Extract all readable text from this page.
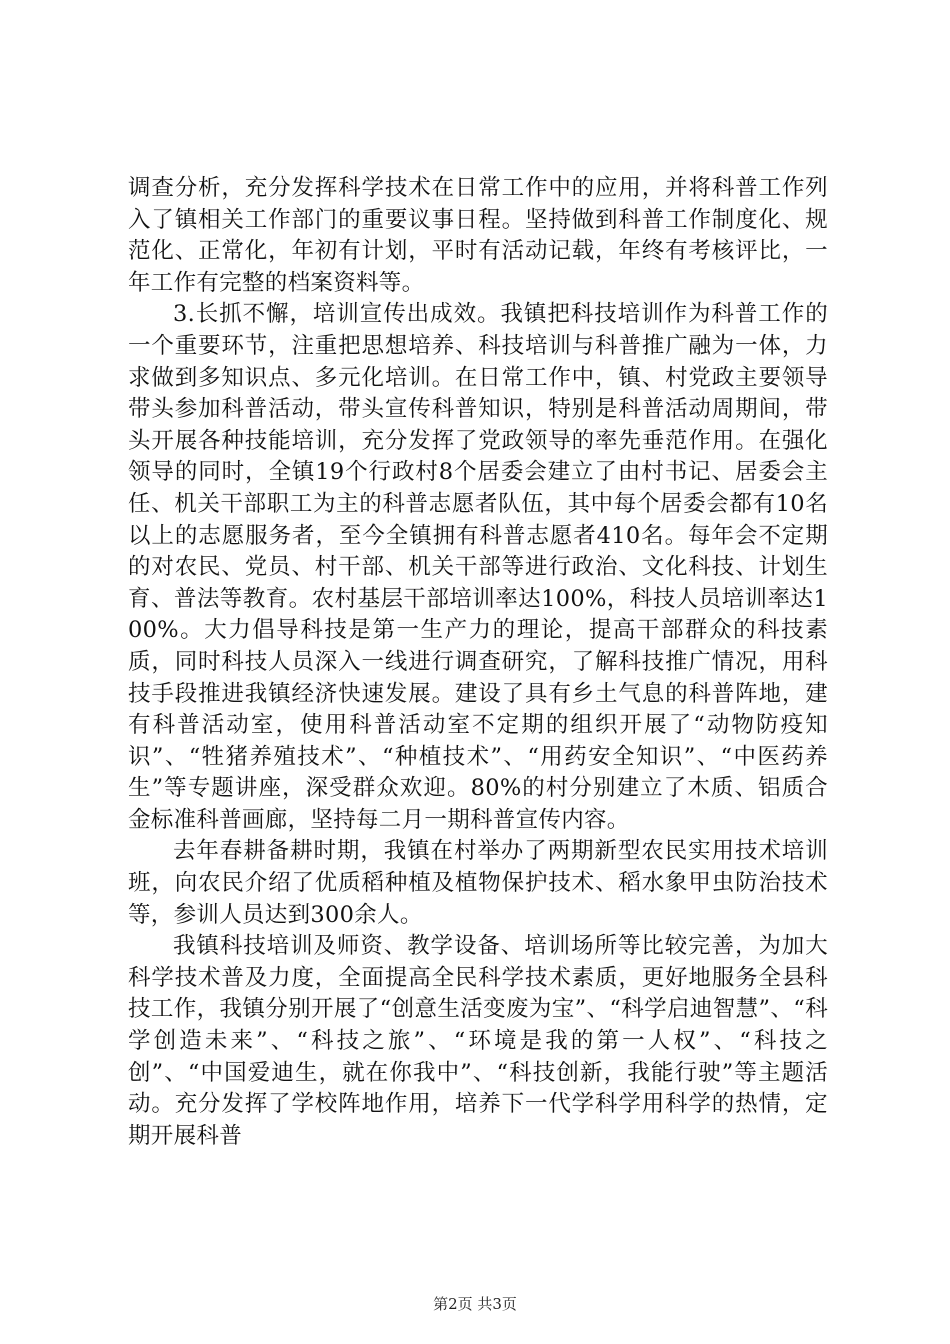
调查分析，充分发挥科学技术在日常工作中的应用，并将科普工作列入了镇相关工作部门的重要议事日程。坚持做到科普工作制度化、规范化、正常化，年初有计划，平时有活动记载，年终有考核评比，一年工作有完整的档案资料等。

3.长抓不懈，培训宣传出成效。我镇把科技培训作为科普工作的一个重要环节，注重把思想培养、科技培训与科普推广融为一体，力求做到多知识点、多元化培训。在日常工作中，镇、村党政主要领导带头参加科普活动，带头宣传科普知识，特别是科普活动周期间，带头开展各种技能培训，充分发挥了党政领导的率先垂范作用。在强化领导的同时，全镇19个行政村8个居委会建立了由村书记、居委会主任、机关干部职工为主的科普志愿者队伍，其中每个居委会都有10名以上的志愿服务者，至今全镇拥有科普志愿者410名。每年会不定期的对农民、党员、村干部、机关干部等进行政治、文化科技、计划生育、普法等教育。农村基层干部培训率达100%，科技人员培训率达100%。大力倡导科技是第一生产力的理论，提高干部群众的科技素质，同时科技人员深入一线进行调查研究，了解科技推广情况，用科技手段推进我镇经济快速发展。建设了具有乡土气息的科普阵地，建有科普活动室，使用科普活动室不定期的组织开展了“动物防疫知识”、“牲猪养殖技术”、“种植技术”、“用药安全知识”、“中医药养生”等专题讲座，深受群众欢迎。80%的村分别建立了木质、铝质合金标准科普画廊，坚持每二月一期科普宣传内容。

去年春耕备耕时期，我镇在村举办了两期新型农民实用技术培训班，向农民介绍了优质稻种植及植物保护技术、稻水象甲虫防治技术等，参训人员达到300余人。

我镇科技培训及师资、教学设备、培训场所等比较完善，为加大科学技术普及力度，全面提高全民科学技术素质，更好地服务全县科技工作，我镇分别开展了“创意生活变废为宝”、“科学启迪智慧”、“科学创造未来”、“科技之旅”、“环境是我的第一人权”、“科技之创”、“中国爱迪生，就在你我中”、“科技创新，我能行驶”等主题活动。充分发挥了学校阵地作用，培养下一代学科学用科学的热情，定期开展科普

第2页 共3页
